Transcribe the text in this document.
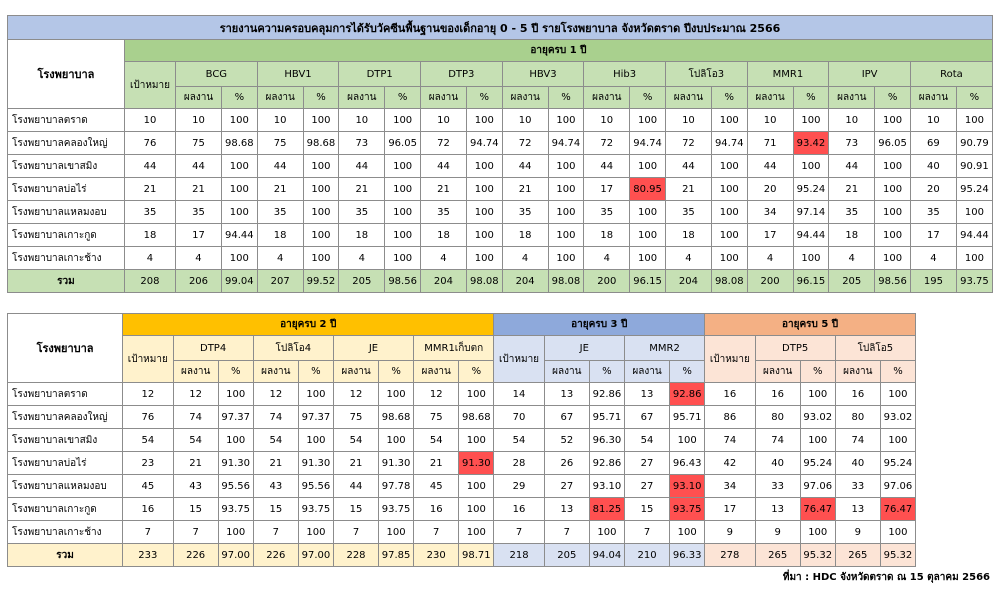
รายงานความครอบคลุมการได้รับวัคซีนพื้นฐานของเด็กอายุ 0 - 5 ปี รายโรงพยาบาล จังหวัดตราด ปีงบประมาณ 2566																					
โรงพยาบาล	อายุครบ 1 ปี																				
	เป้าหมาย	BCG		HBV1		DTP1		DTP3		HBV3		Hib3		โปลิโอ3		MMR1		IPV		Rota	
		ผลงาน	%	ผลงาน	%	ผลงาน	%	ผลงาน	%	ผลงาน	%	ผลงาน	%	ผลงาน	%	ผลงาน	%	ผลงาน	%	ผลงาน	%
โรงพยาบาลตราด	10	10	100	10	100	10	100	10	100	10	100	10	100	10	100	10	100	10	100	10	100
โรงพยาบาลคลองใหญ่	76	75	98.68	75	98.68	73	96.05	72	94.74	72	94.74	72	94.74	72	94.74	71	93.42	73	96.05	69	90.79
โรงพยาบาลเขาสมิง	44	44	100	44	100	44	100	44	100	44	100	44	100	44	100	44	100	44	100	40	90.91
โรงพยาบาลบ่อไร่	21	21	100	21	100	21	100	21	100	21	100	17	80.95	21	100	20	95.24	21	100	20	95.24
โรงพยาบาลแหลมงอบ	35	35	100	35	100	35	100	35	100	35	100	35	100	35	100	34	97.14	35	100	35	100
โรงพยาบาลเกาะกูด	18	17	94.44	18	100	18	100	18	100	18	100	18	100	18	100	17	94.44	18	100	17	94.44
โรงพยาบาลเกาะช้าง	4	4	100	4	100	4	100	4	100	4	100	4	100	4	100	4	100	4	100	4	100
รวม	208	206	99.04	207	99.52	205	98.56	204	98.08	204	98.08	200	96.15	204	98.08	200	96.15	205	98.56	195	93.75
โรงพยาบาล	อายุครบ 2 ปี									อายุครบ 3 ปี					อายุครบ 5 ปี				
	เป้าหมาย	DTP4		โปลิโอ4		JE		MMR1เก็บตก		เป้าหมาย	JE		MMR2		เป้าหมาย	DTP5		โปลิโอ5	
		ผลงาน	%	ผลงาน	%	ผลงาน	%	ผลงาน	%		ผลงาน	%	ผลงาน	%		ผลงาน	%	ผลงาน	%
โรงพยาบาลตราด	12	12	100	12	100	12	100	12	100	14	13	92.86	13	92.86	16	16	100	16	100
โรงพยาบาลคลองใหญ่	76	74	97.37	74	97.37	75	98.68	75	98.68	70	67	95.71	67	95.71	86	80	93.02	80	93.02
โรงพยาบาลเขาสมิง	54	54	100	54	100	54	100	54	100	54	52	96.30	54	100	74	74	100	74	100
โรงพยาบาลบ่อไร่	23	21	91.30	21	91.30	21	91.30	21	91.30	28	26	92.86	27	96.43	42	40	95.24	40	95.24
โรงพยาบาลแหลมงอบ	45	43	95.56	43	95.56	44	97.78	45	100	29	27	93.10	27	93.10	34	33	97.06	33	97.06
โรงพยาบาลเกาะกูด	16	15	93.75	15	93.75	15	93.75	16	100	16	13	81.25	15	93.75	17	13	76.47	13	76.47
โรงพยาบาลเกาะช้าง	7	7	100	7	100	7	100	7	100	7	7	100	7	100	9	9	100	9	100
รวม	233	226	97.00	226	97.00	228	97.85	230	98.71	218	205	94.04	210	96.33	278	265	95.32	265	95.32
ที่มา : HDC จังหวัดตราด ณ 15 ตุลาคม 2566
